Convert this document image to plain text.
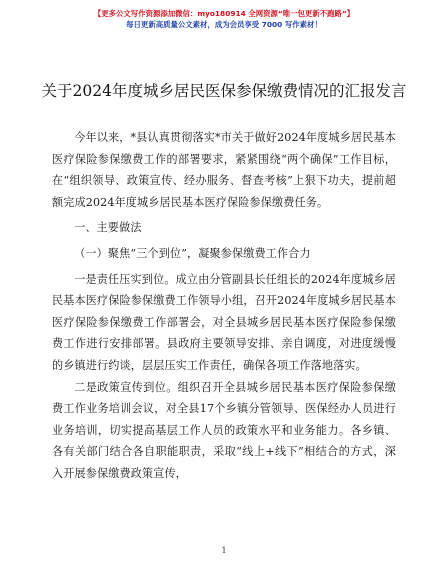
【更多公文写作资源添加微信：myo180914 全网资源“唯一包更新不跑路”】
每日更新高质量公文素材，成为会员享受 7000 写作素材！
关于2024年度城乡居民医保参保缴费情况的汇报发言

今年以来，*县认真贯彻落实*市关于做好2024年度城乡居民基本医疗保险参保缴费工作的部署要求，紧紧围绕“两个确保”工作目标，在“组织领导、政策宣传、经办服务、督查考核”上狠下功夫，提前超额完成2024年度城乡居民基本医疗保险参保缴费任务。

一、主要做法

（一）聚焦“三个到位”，凝聚参保缴费工作合力

一是责任压实到位。成立由分管副县长任组长的2024年度城乡居民基本医疗保险参保缴费工作领导小组，召开2024年度城乡居民基本医疗保险参保缴费工作部署会，对全县城乡居民基本医疗保险参保缴费工作进行安排部署。县政府主要领导安排、亲自调度，对进度缓慢的乡镇进行约谈，层层压实工作责任，确保各项工作落地落实。

二是政策宣传到位。组织召开全县城乡居民基本医疗保险参保缴费工作业务培训会议，对全县17个乡镇分管领导、医保经办人员进行业务培训，切实提高基层工作人员的政策水平和业务能力。各乡镇、各有关部门结合各自职能职责，采取“线上+线下”相结合的方式，深入开展参保缴费政策宣传，

1
